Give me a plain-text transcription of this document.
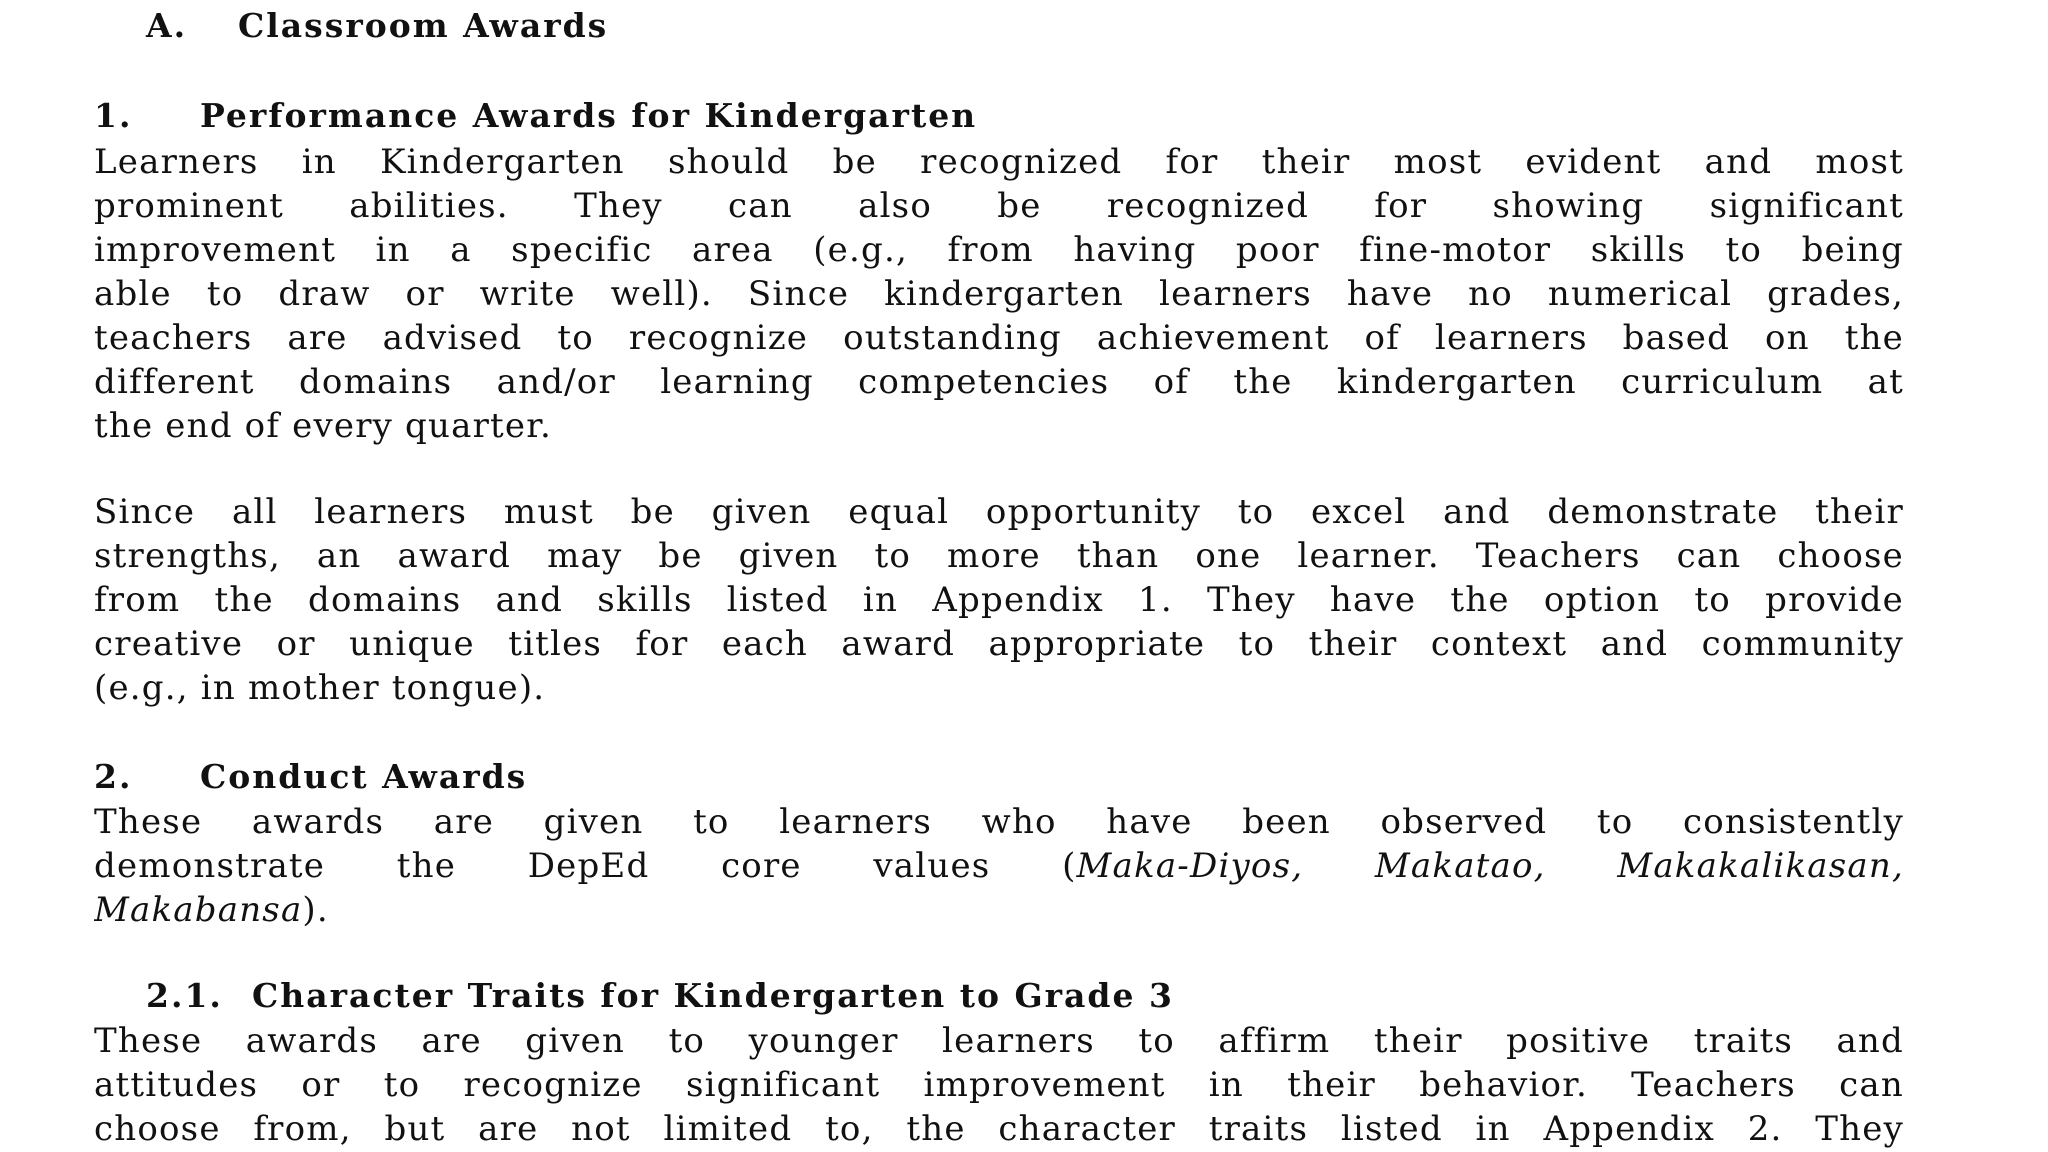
A. Classroom Awards
1. Performance Awards for Kindergarten
Learners in Kindergarten should be recognized for their most evident and most
prominent abilities. They can also be recognized for showing significant
improvement in a specific area (e.g., from having poor fine-motor skills to being
able to draw or write well). Since kindergarten learners have no numerical grades,
teachers are advised to recognize outstanding achievement of learners based on the
different domains and/or learning competencies of the kindergarten curriculum at
the end of every quarter.
Since all learners must be given equal opportunity to excel and demonstrate their
strengths, an award may be given to more than one learner. Teachers can choose
from the domains and skills listed in Appendix 1. They have the option to provide
creative or unique titles for each award appropriate to their context and community
(e.g., in mother tongue).
2. Conduct Awards
These awards are given to learners who have been observed to consistently
demonstrate the DepEd core values (Maka-Diyos, Makatao, Makakalikasan,
Makabansa).
2.1. Character Traits for Kindergarten to Grade 3
These awards are given to younger learners to affirm their positive traits and
attitudes or to recognize significant improvement in their behavior. Teachers can
choose from, but are not limited to, the character traits listed in Appendix 2. They
